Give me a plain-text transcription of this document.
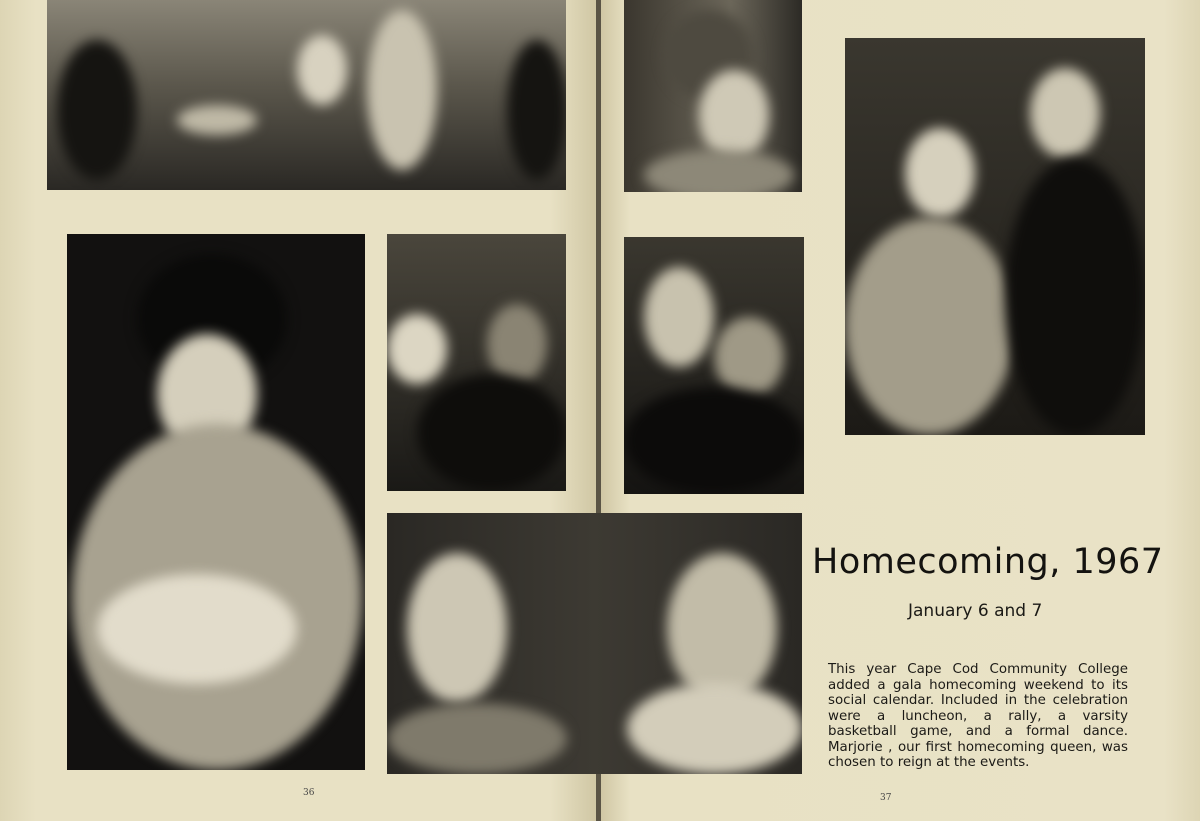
Homecoming, 1967
January 6 and 7
This year Cape Cod Community College added a gala homecoming weekend to its social calendar. Included in the celebration were a luncheon, a rally, a varsity basketball game, and a formal dance. Marjorie , our first homecoming queen, was chosen to reign at the events.
36	37
